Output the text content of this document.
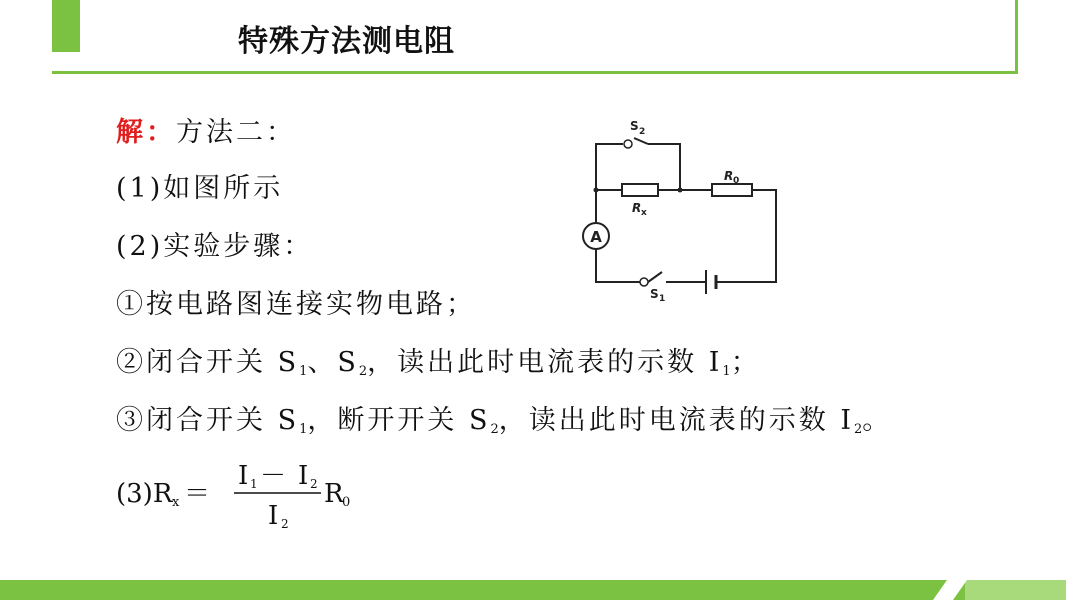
特殊方法测电阻
解：方法二：
(1)如图所示
(2)实验步骤：
①按电路图连接实物电路；
②闭合开关 $S_1$、$S_2$，读出此时电流表的示数 $I_1$；
③闭合开关 $S_1$，断开开关 $S_2$，读出此时电流表的示数 $I_2$。
(3)R x ＝
I 1 － I 2
I 2
R
0
A
S 2
R 0
R x
S 1
